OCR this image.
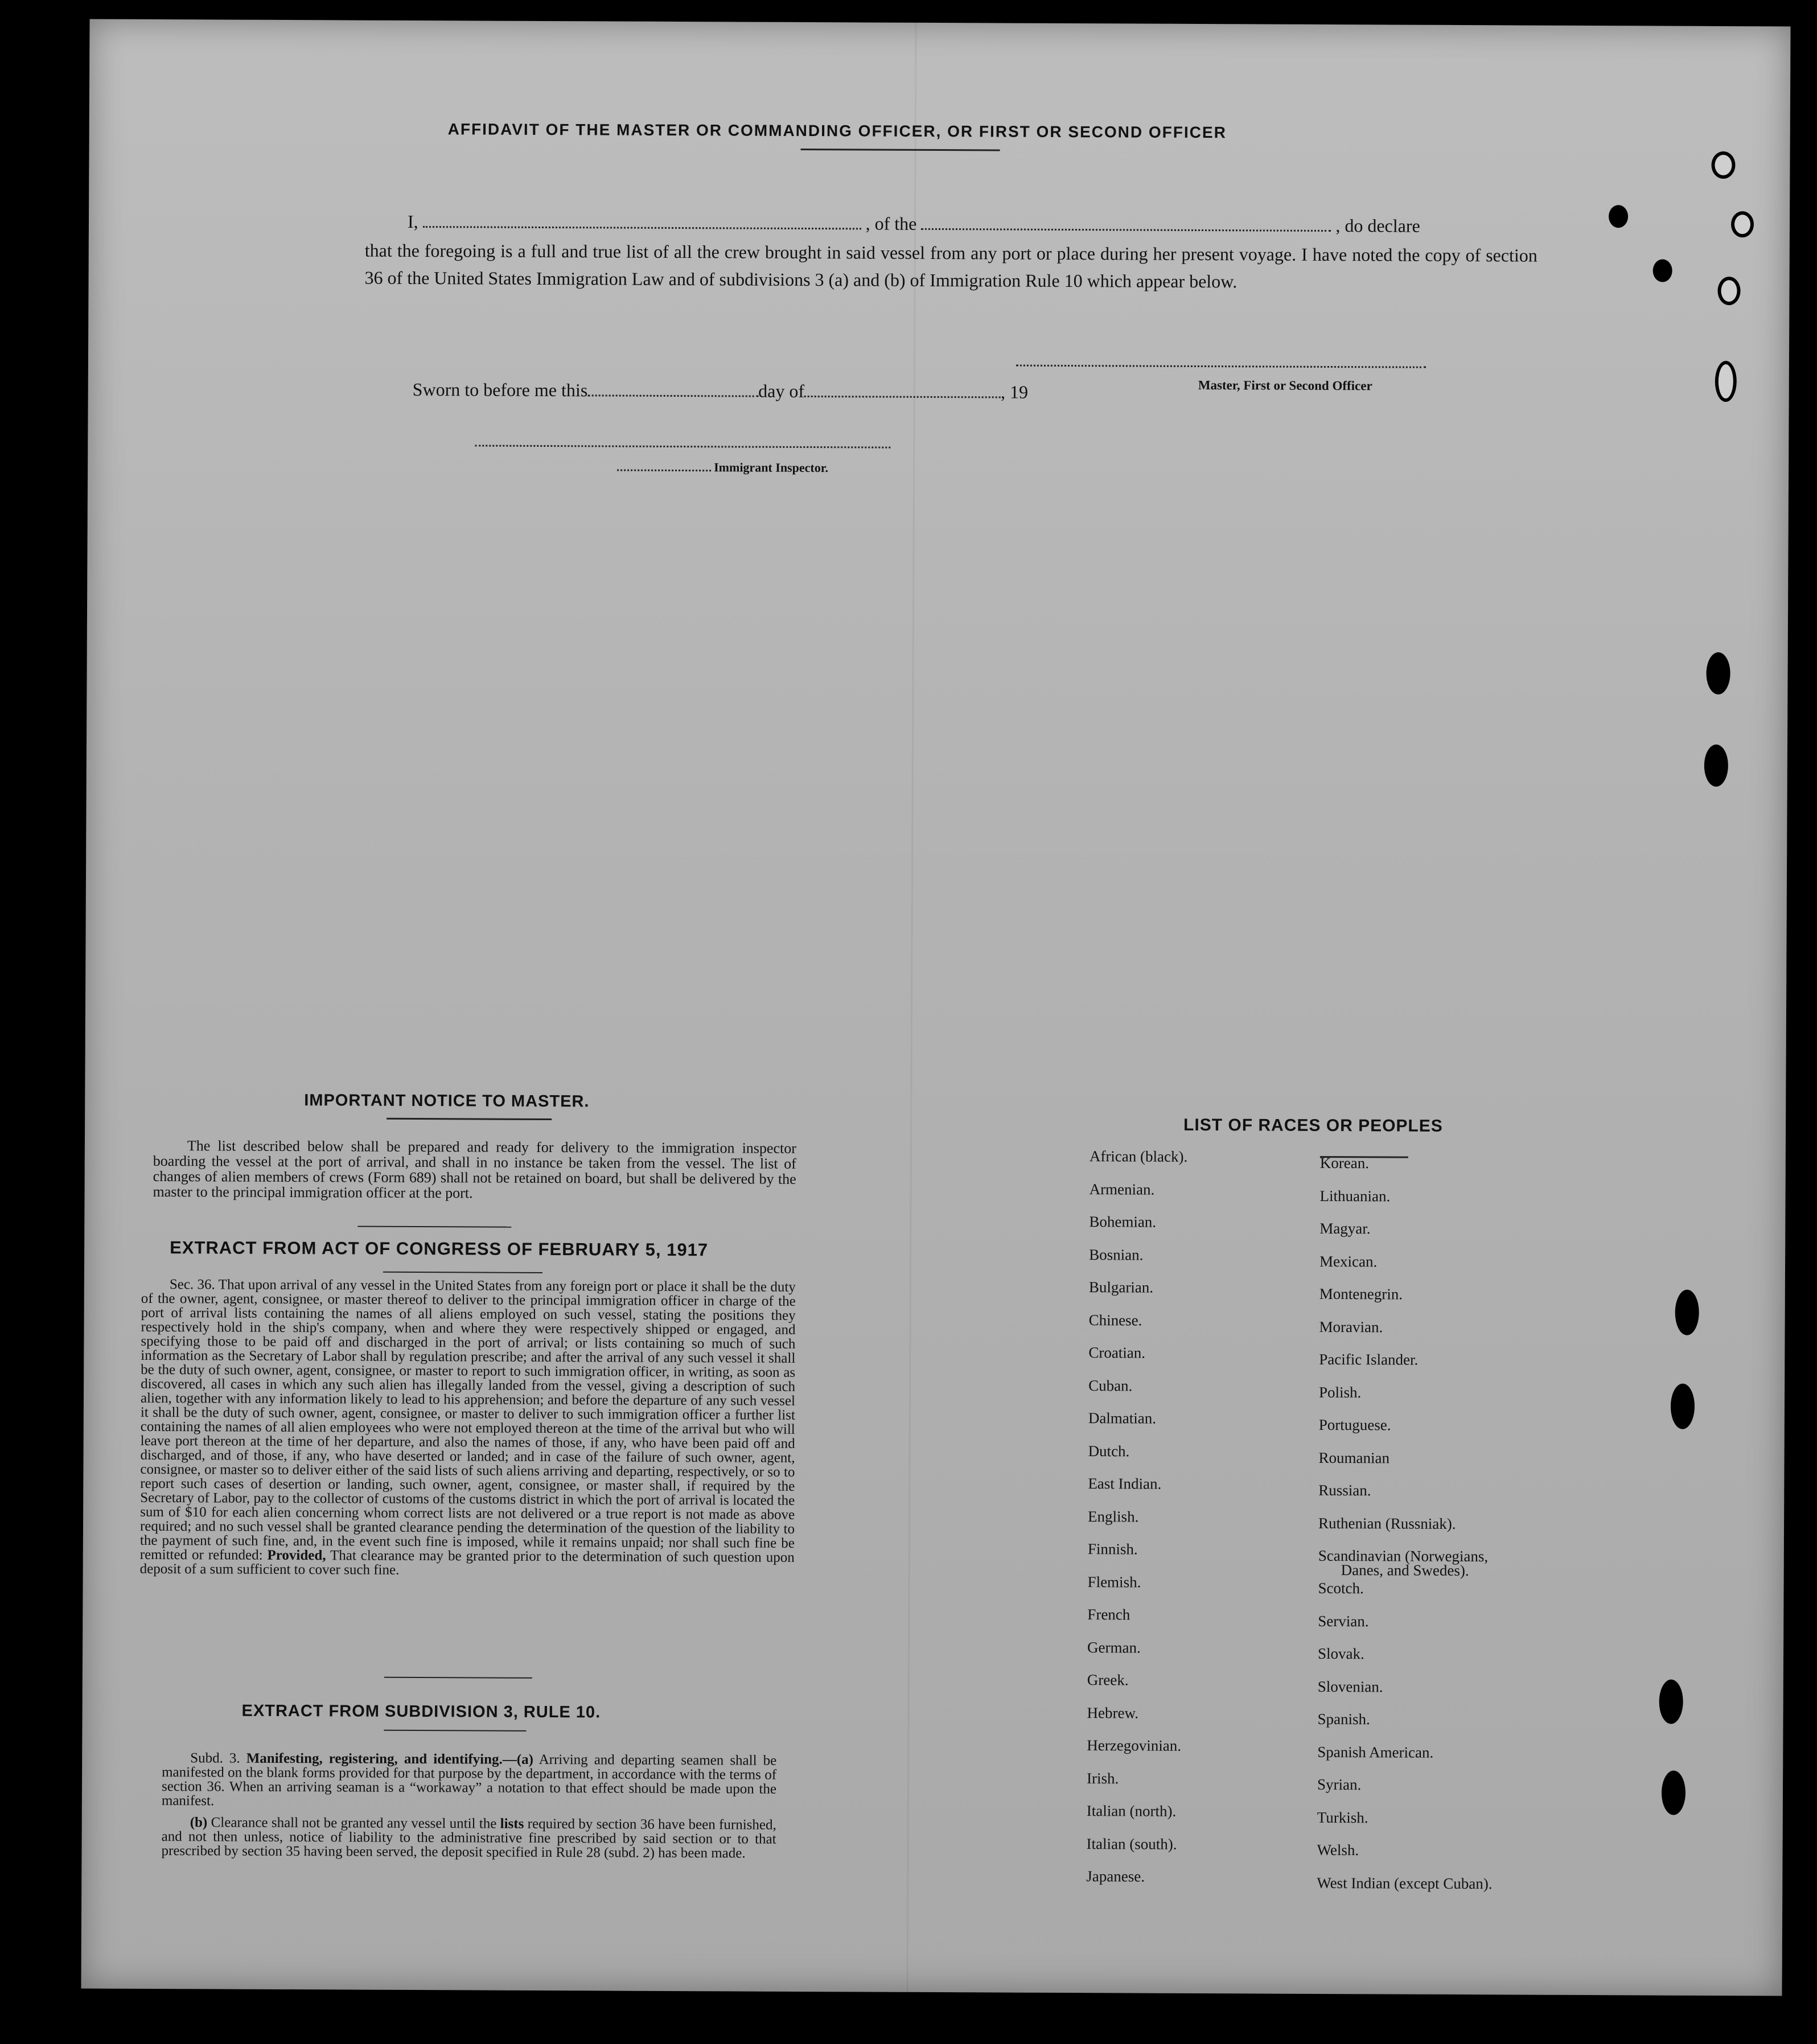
AFFIDAVIT OF THE MASTER OR COMMANDING OFFICER, OR FIRST OR SECOND OFFICER
I,	, of the	, do declare
that the foregoing is a full and true list of all the crew brought in said vessel from any port or place during her present voyage. I have noted the copy of section 36 of the United States Immigration Law and of subdivisions 3 (a) and (b) of Immigration Rule 10 which appear below.
Master, First or Second Officer
Sworn to before me this	day of	, 19
Immigrant Inspector.
IMPORTANT NOTICE TO MASTER.
The list described below shall be prepared and ready for delivery to the immigration inspector boarding the vessel at the port of arrival, and shall in no instance be taken from the vessel. The list of changes of alien members of crews (Form 689) shall not be retained on board, but shall be delivered by the master to the principal immigration officer at the port.
EXTRACT FROM ACT OF CONGRESS OF FEBRUARY 5, 1917
Sec. 36. That upon arrival of any vessel in the United States from any foreign port or place it shall be the duty of the owner, agent, consignee, or master thereof to deliver to the principal immigration officer in charge of the port of arrival lists containing the names of all aliens employed on such vessel, stating the positions they respectively hold in the ship's company, when and where they were respectively shipped or engaged, and specifying those to be paid off and discharged in the port of arrival; or lists containing so much of such information as the Secretary of Labor shall by regulation prescribe; and after the arrival of any such vessel it shall be the duty of such owner, agent, consignee, or master to report to such immigration officer, in writing, as soon as discovered, all cases in which any such alien has illegally landed from the vessel, giving a description of such alien, together with any information likely to lead to his apprehension; and before the departure of any such vessel it shall be the duty of such owner, agent, consignee, or master to deliver to such immigration officer a further list containing the names of all alien employees who were not employed thereon at the time of the arrival but who will leave port thereon at the time of her departure, and also the names of those, if any, who have been paid off and discharged, and of those, if any, who have deserted or landed; and in case of the failure of such owner, agent, consignee, or master so to deliver either of the said lists of such aliens arriving and departing, respectively, or so to report such cases of desertion or landing, such owner, agent, consignee, or master shall, if required by the Secretary of Labor, pay to the collector of customs of the customs district in which the port of arrival is located the sum of $10 for each alien concerning whom correct lists are not delivered or a true report is not made as above required; and no such vessel shall be granted clearance pending the determination of the question of the liability to the payment of such fine, and, in the event such fine is imposed, while it remains unpaid; nor shall such fine be remitted or refunded: Provided, That clearance may be granted prior to the determination of such question upon deposit of a sum sufficient to cover such fine.
EXTRACT FROM SUBDIVISION 3, RULE 10.
Subd. 3. Manifesting, registering, and identifying.—(a) Arriving and departing seamen shall be manifested on the blank forms provided for that purpose by the department, in accordance with the terms of section 36. When an arriving seaman is a “workaway” a notation to that effect should be made upon the manifest.
(b) Clearance shall not be granted any vessel until the lists required by section 36 have been furnished, and not then unless, notice of liability to the administrative fine prescribed by said section or to that prescribed by section 35 having been served, the deposit specified in Rule 28 (subd. 2) has been made.
LIST OF RACES OR PEOPLES
African (black).
Armenian.
Bohemian.
Bosnian.
Bulgarian.
Chinese.
Croatian.
Cuban.
Dalmatian.
Dutch.
East Indian.
English.
Finnish.
Flemish.
French
German.
Greek.
Hebrew.
Herzegovinian.
Irish.
Italian (north).
Italian (south).
Japanese.
Korean.
Lithuanian.
Magyar.
Mexican.
Montenegrin.
Moravian.
Pacific Islander.
Polish.
Portuguese.
Roumanian
Russian.
Ruthenian (Russniak).
Scandinavian (Norwegians,
Danes, and Swedes).
Scotch.
Servian.
Slovak.
Slovenian.
Spanish.
Spanish American.
Syrian.
Turkish.
Welsh.
West Indian (except Cuban).
